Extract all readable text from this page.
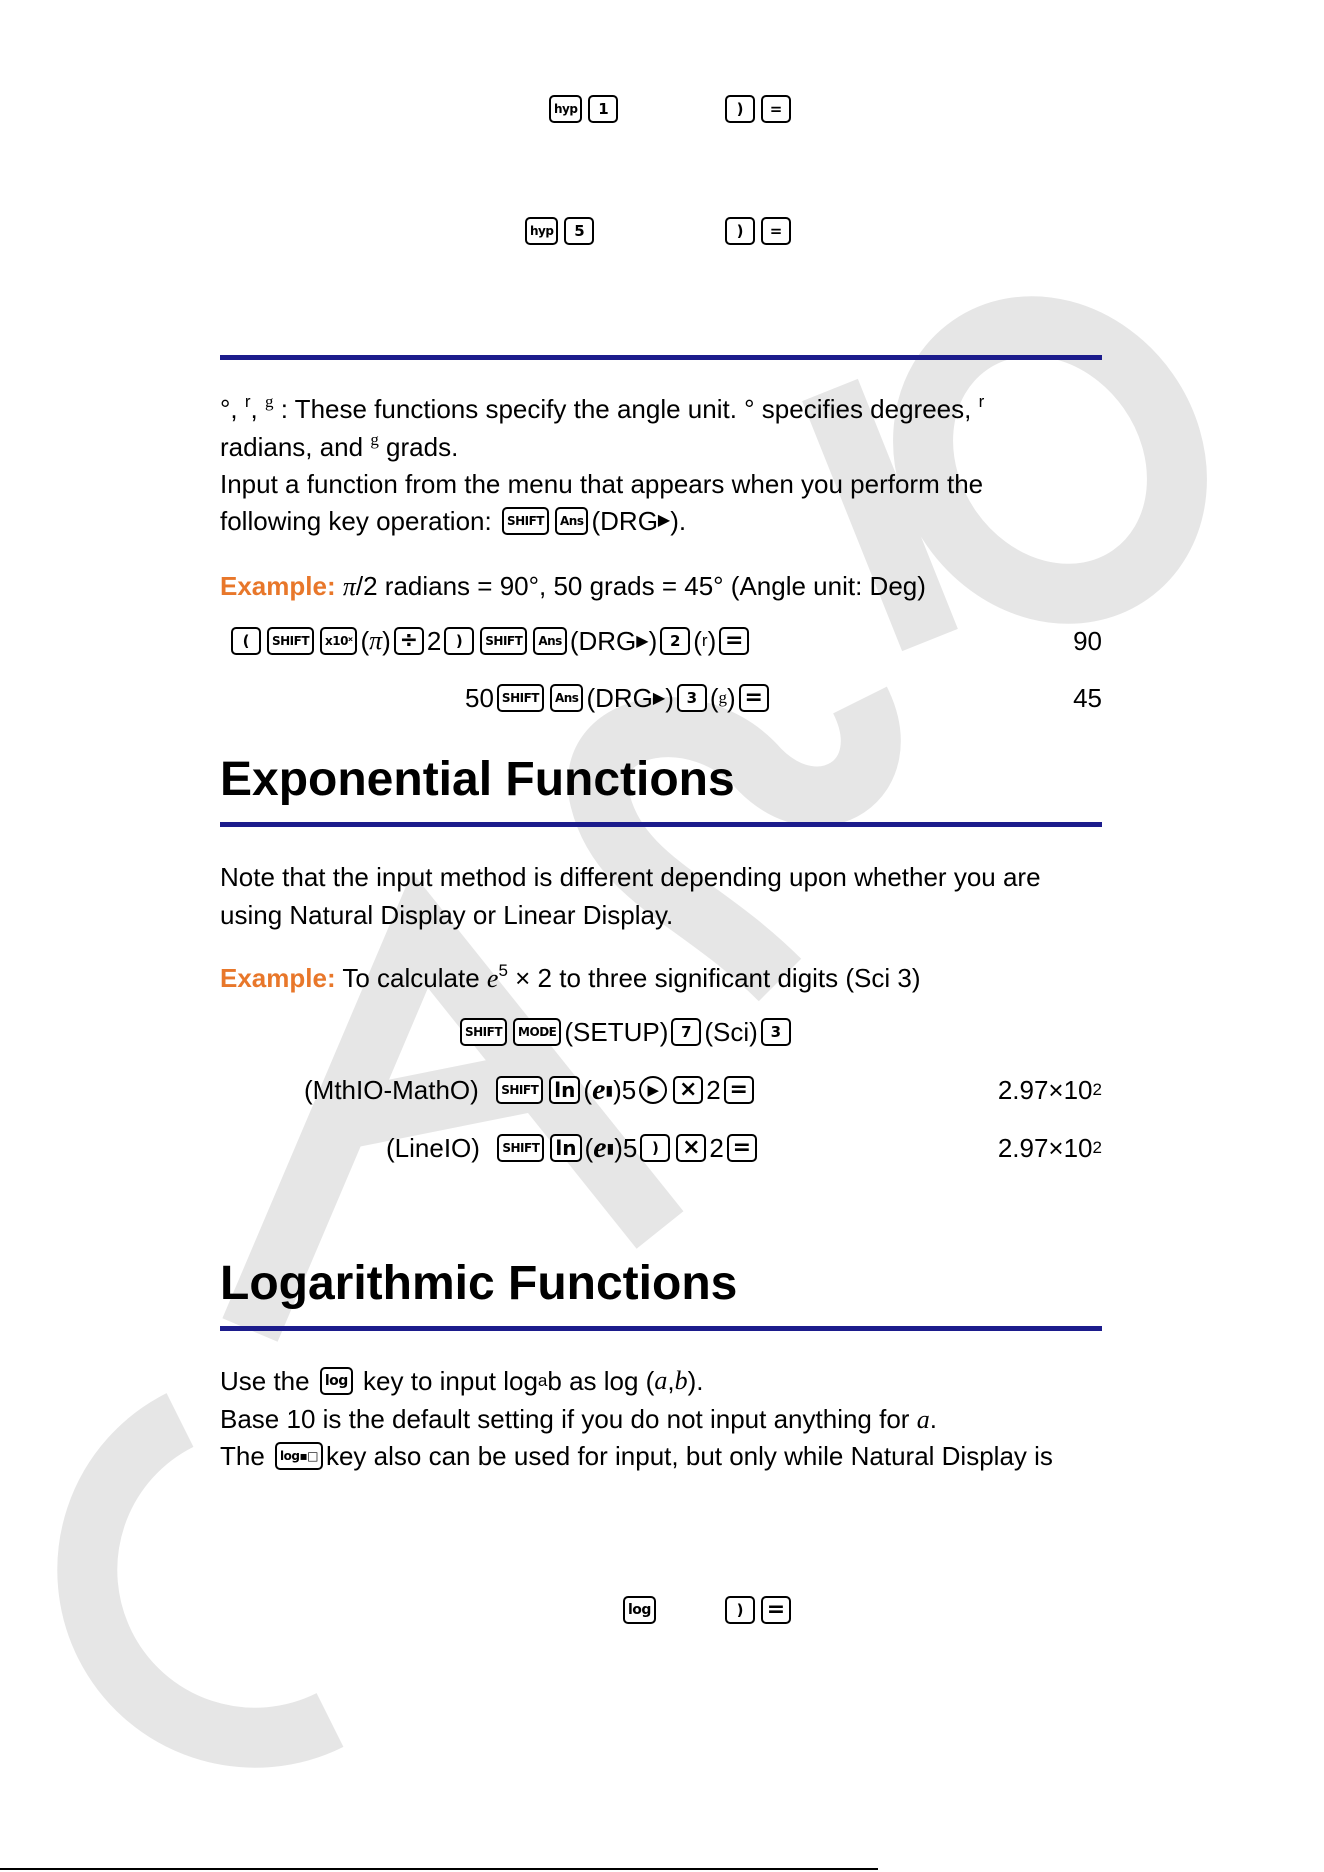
hyp	1	)	=
hyp	5	)	=
°, $^r$, $^g$ : These functions specify the angle unit. ° specifies degrees, $^r$
radians, and $^g$ grads.
Input a function from the menu that appears when you perform the
following key operation:
	SHIFT	Ans (DRG ▶ ).
Example: π/2 radians = 90°, 50 grads = 45° (Angle unit: Deg)
(	SHIFT	x10ˣ ( π ) ÷ 2 )	SHIFT	Ans (DRG ▶ ) 2 ( r ) =	90
50 SHIFT	Ans (DRG ▶ ) 3 ( g ) =	45
Exponential Functions
Note that the input method is different depending upon whether you are
using Natural Display or Linear Display.
Example: To calculate $e^5 \times 2$ to three significant digits (Sci 3)
SHIFT	MODE (SETUP) 7 (Sci) 3
(MthIO-MathO)
	SHIFT ln ( e ▮ ) 5 ▶ × 2 =	2.97×10 2
(LineIO)
	SHIFT ln ( e ▮ ) 5 )	× 2 =	2.97×10 2
Logarithmic Functions
Use the
	log
key to input log a b as log ( a , b ).
Base 10 is the default setting if you do not input anything for a.
The
	log▪□ key also can be used for input, but only while Natural Display is
log	)	=
